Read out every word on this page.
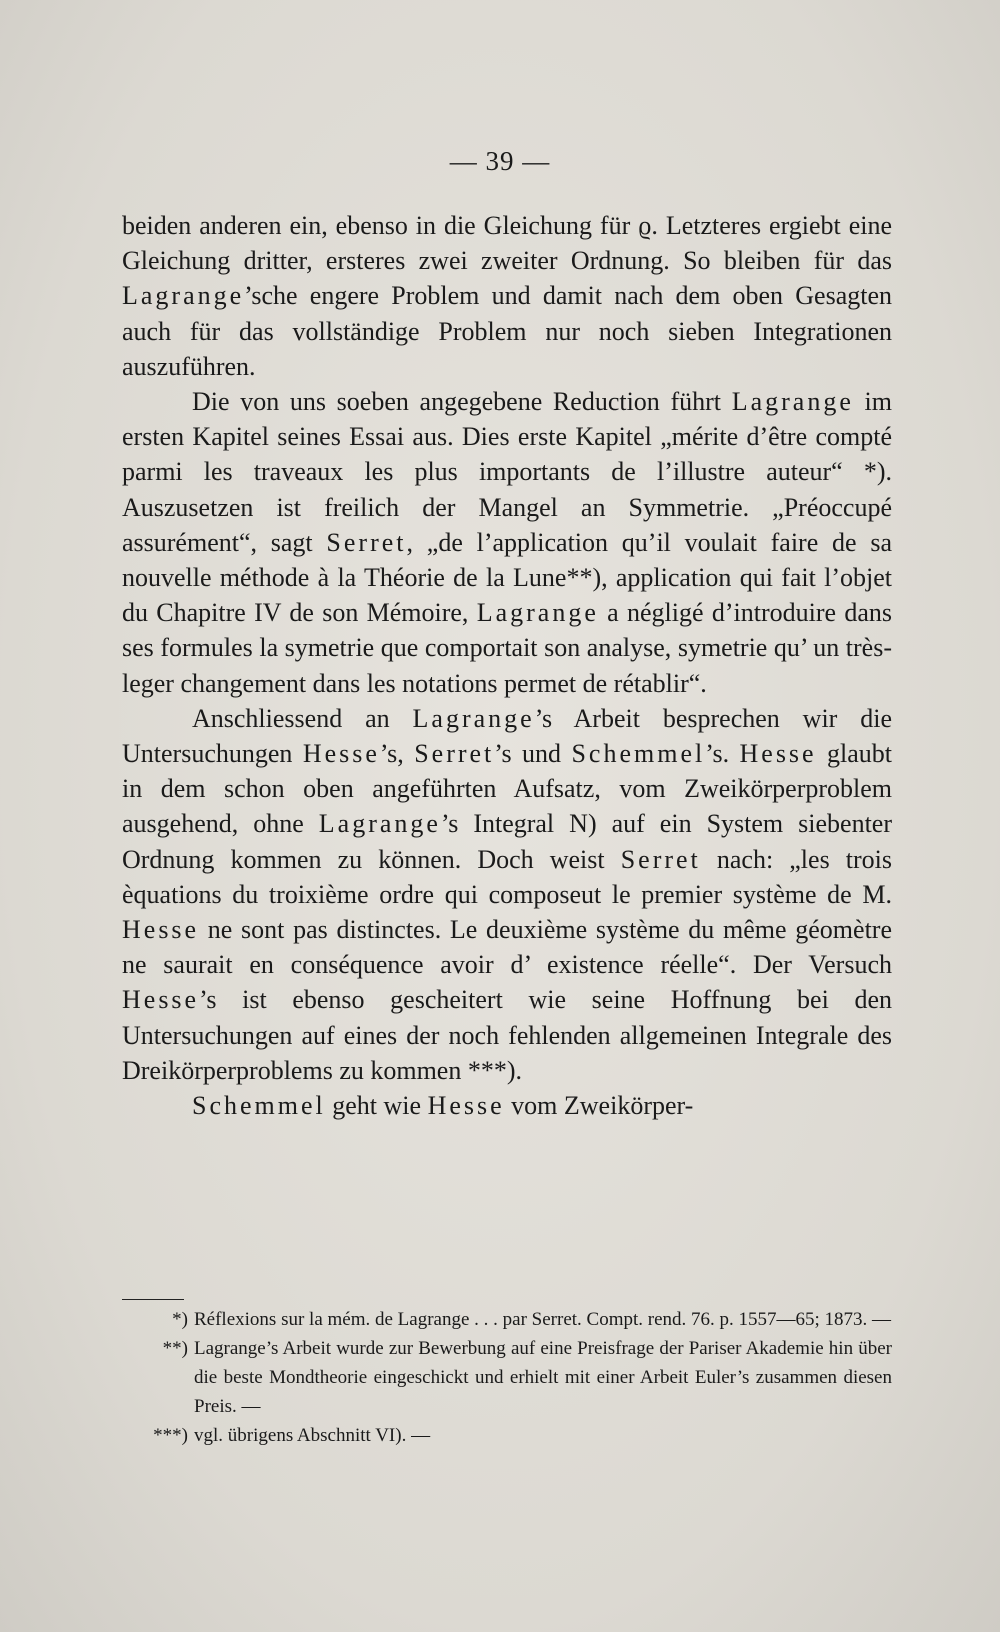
— 39 —

beiden anderen ein, ebenso in die Gleichung für ϱ. Letzteres ergiebt eine Gleichung dritter, ersteres zwei zweiter Ordnung. So bleiben für das Lagrange’sche engere Problem und damit nach dem oben Gesagten auch für das vollständige Problem nur noch sieben Integrationen auszuführen.

Die von uns soeben angegebene Reduction führt Lagrange im ersten Kapitel seines Essai aus. Dies erste Kapitel „mérite d’être compté parmi les traveaux les plus importants de l’illustre auteur“ *). Auszusetzen ist freilich der Mangel an Symmetrie. „Préoccupé assurément“, sagt Serret, „de l’application qu’il voulait faire de sa nouvelle méthode à la Théorie de la Lune**), application qui fait l’objet du Chapitre IV de son Mémoire, Lagrange a négligé d’introduire dans ses formules la symetrie que comportait son analyse, symetrie qu’ un très-leger changement dans les notations permet de rétablir“.

Anschliessend an Lagrange’s Arbeit besprechen wir die Untersuchungen Hesse’s, Serret’s und Schemmel’s. Hesse glaubt in dem schon oben angeführten Aufsatz, vom Zweikörperproblem ausgehend, ohne Lagrange’s Integral N) auf ein System siebenter Ordnung kommen zu können. Doch weist Serret nach: „les trois èquations du troixième ordre qui composeut le premier système de M. Hesse ne sont pas distinctes. Le deuxième système du même géomètre ne saurait en conséquence avoir d’ existence réelle“. Der Versuch Hesse’s ist ebenso gescheitert wie seine Hoffnung bei den Untersuchungen auf eines der noch fehlenden allgemeinen Integrale des Dreikörperproblems zu kommen ***).

Schemmel geht wie Hesse vom Zweikörper-

*) Réflexions sur la mém. de Lagrange . . . par Serret. Compt. rend. 76. p. 1557—65; 1873. —
**) Lagrange’s Arbeit wurde zur Bewerbung auf eine Preisfrage der Pariser Akademie hin über die beste Mondtheorie eingeschickt und erhielt mit einer Arbeit Euler’s zusammen diesen Preis. —
***) vgl. übrigens Abschnitt VI). —
